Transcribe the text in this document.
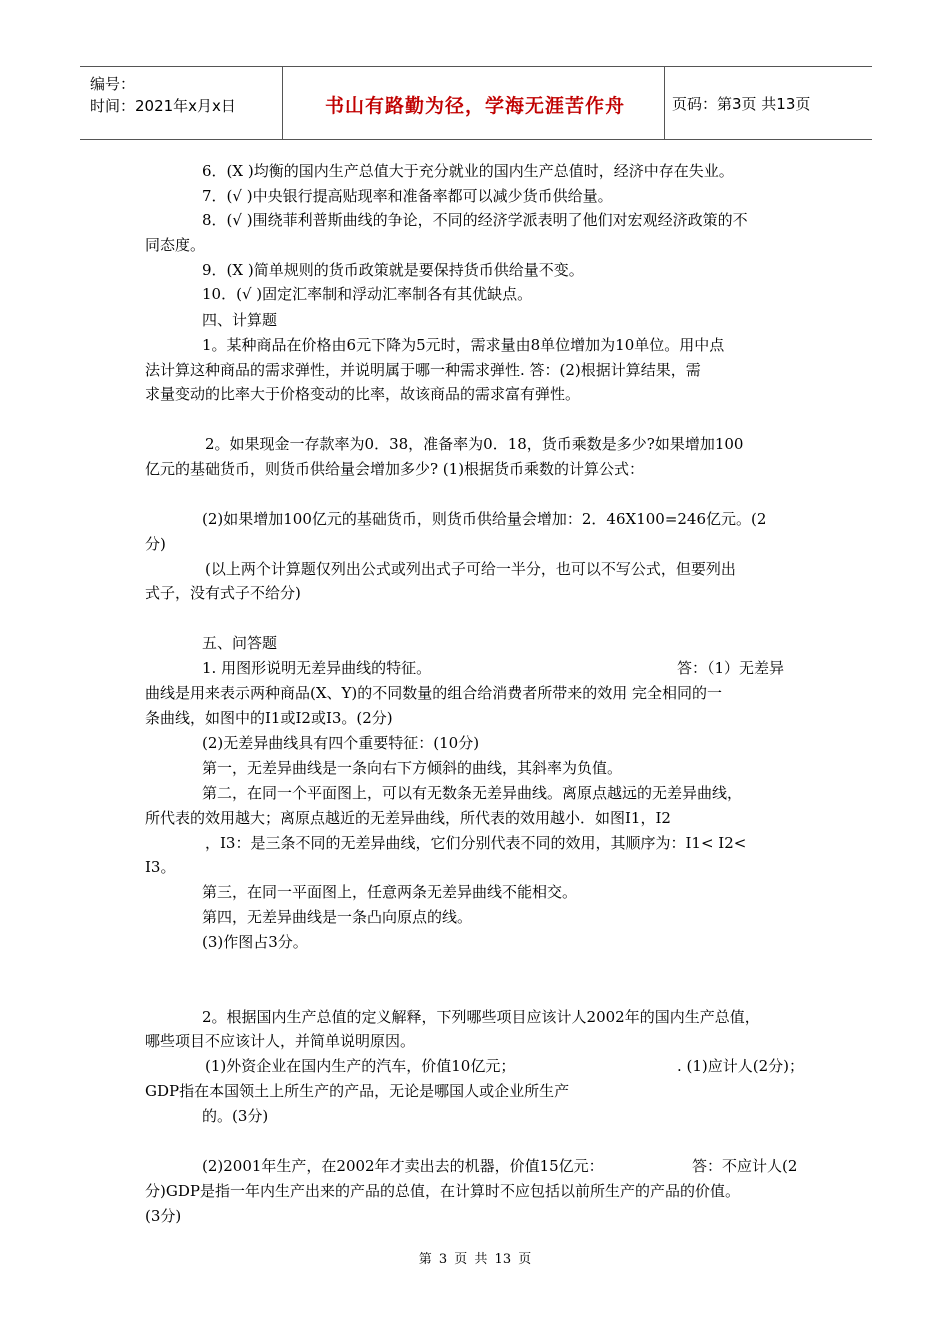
编号：
时间：2021年x月x日	书山有路勤为径，学海无涯苦作舟	页码：第3页 共13页
6．(X )均衡的国内生产总值大于充分就业的国内生产总值时，经济中存在失业。
7．(√ )中央银行提高贴现率和准备率都可以减少货币供给量。
8．(√ )围绕菲利普斯曲线的争论，不同的经济学派表明了他们对宏观经济政策的不
同态度。
9．(X )简单规则的货币政策就是要保持货币供给量不变。
10．(√ )固定汇率制和浮动汇率制各有其优缺点。
四、计算题
1。某种商品在价格由6元下降为5元时，需求量由8单位增加为10单位。用中点
法计算这种商品的需求弹性，并说明属于哪一种需求弹性. 答：(2)根据计算结果，需
求量变动的比率大于价格变动的比率，故该商品的需求富有弹性。
2。如果现金一存款率为0．38，准备率为0．18，货币乘数是多少?如果增加100
亿元的基础货币，则货币供给量会增加多少? (1)根据货币乘数的计算公式：
(2)如果增加100亿元的基础货币，则货币供给量会增加：2．46X100=246亿元。(2
分)
(以上两个计算题仅列出公式或列出式子可给一半分，也可以不写公式，但要列出
式子，没有式子不给分)
五、问答题
1. 用图形说明无差异曲线的特征。	答：（1）无差异
曲线是用来表示两种商品(X、Y)的不同数量的组合给消费者所带来的效用 完全相同的一
条曲线，如图中的I1或I2或I3。(2分)
(2)无差异曲线具有四个重要特征：(10分)
第一，无差异曲线是一条向右下方倾斜的曲线，其斜率为负值。
第二，在同一个平面图上，可以有无数条无差异曲线。离原点越远的无差异曲线，
所代表的效用越大；离原点越近的无差异曲线，所代表的效用越小．如图I1，I2
，I3：是三条不同的无差异曲线，它们分别代表不同的效用，其顺序为：I1< I2<
I3。
第三，在同一平面图上，任意两条无差异曲线不能相交。
第四，无差异曲线是一条凸向原点的线。
(3)作图占3分。
2。根据国内生产总值的定义解释，下列哪些项目应该计人2002年的国内生产总值，
哪些项目不应该计人，并简单说明原因。
(1)外资企业在国内生产的汽车，价值10亿元；	. (1)应计人(2分)；
GDP指在本国领土上所生产的产品，无论是哪国人或企业所生产
的。(3分)
(2)2001年生产，在2002年才卖出去的机器，价值15亿元：	答：不应计人(2
分)GDP是指一年内生产出来的产品的总值，在计算时不应包括以前所生产的产品的价值。
(3分)
第 3 页 共 13 页
